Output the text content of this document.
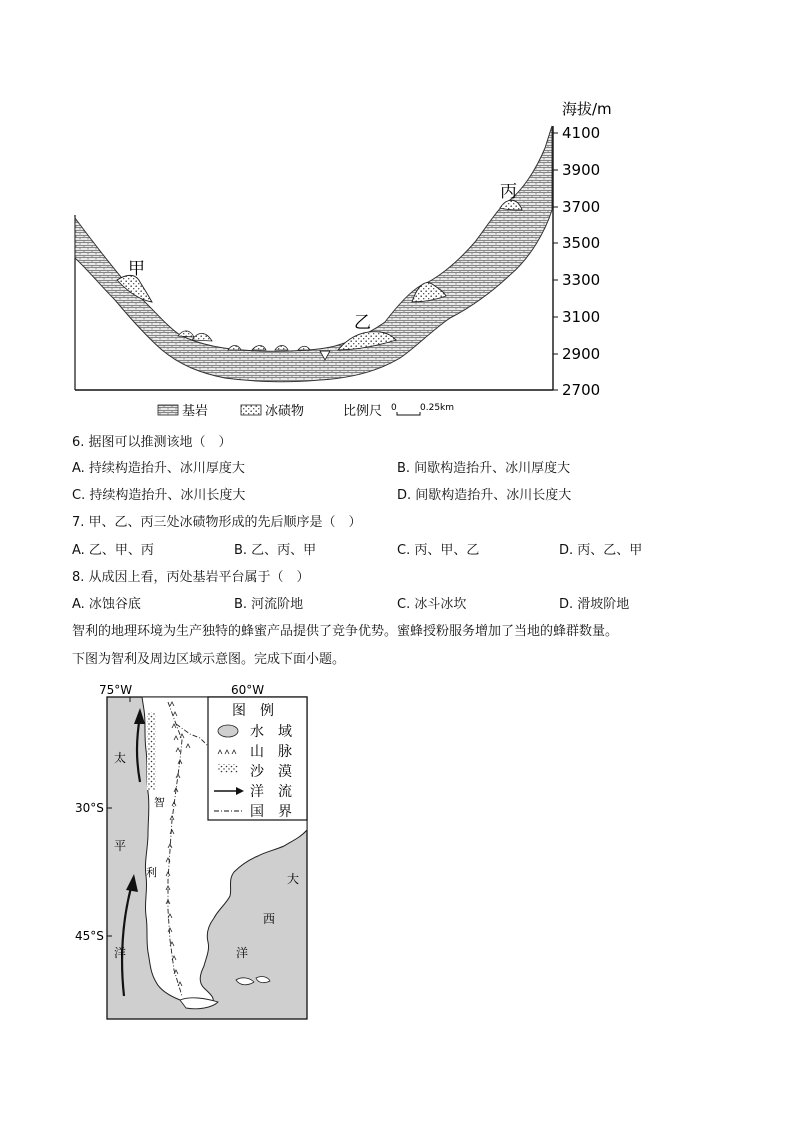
甲
乙
丙
海拔/m
4100
3900
3700
3500
3300
3100
2900
2700
基岩	冰碛物	比例尺 0	0.25km
6. 据图可以推测该地（　）
A. 持续构造抬升、冰川厚度大	B. 间歇构造抬升、冰川厚度大
C. 持续构造抬升、冰川长度大	D. 间歇构造抬升、冰川长度大
7. 甲、乙、丙三处冰碛物形成的先后顺序是（　）
A. 乙、甲、丙	B. 乙、丙、甲	C. 丙、甲、乙	D. 丙、乙、甲
8. 从成因上看，丙处基岩平台属于（　）
A. 冰蚀谷底	B. 河流阶地	C. 冰斗冰坎	D. 滑坡阶地
智利的地理环境为生产独特的蜂蜜产品提供了竞争优势。蜜蜂授粉服务增加了当地的蜂群数量。
下图为智利及周边区域示意图。完成下面小题。
75°W	60°W
30°S
45°S
太
平
洋
大
西
洋
智
利
图　例
水　域
山　脉
沙　漠
洋　流
国　界
